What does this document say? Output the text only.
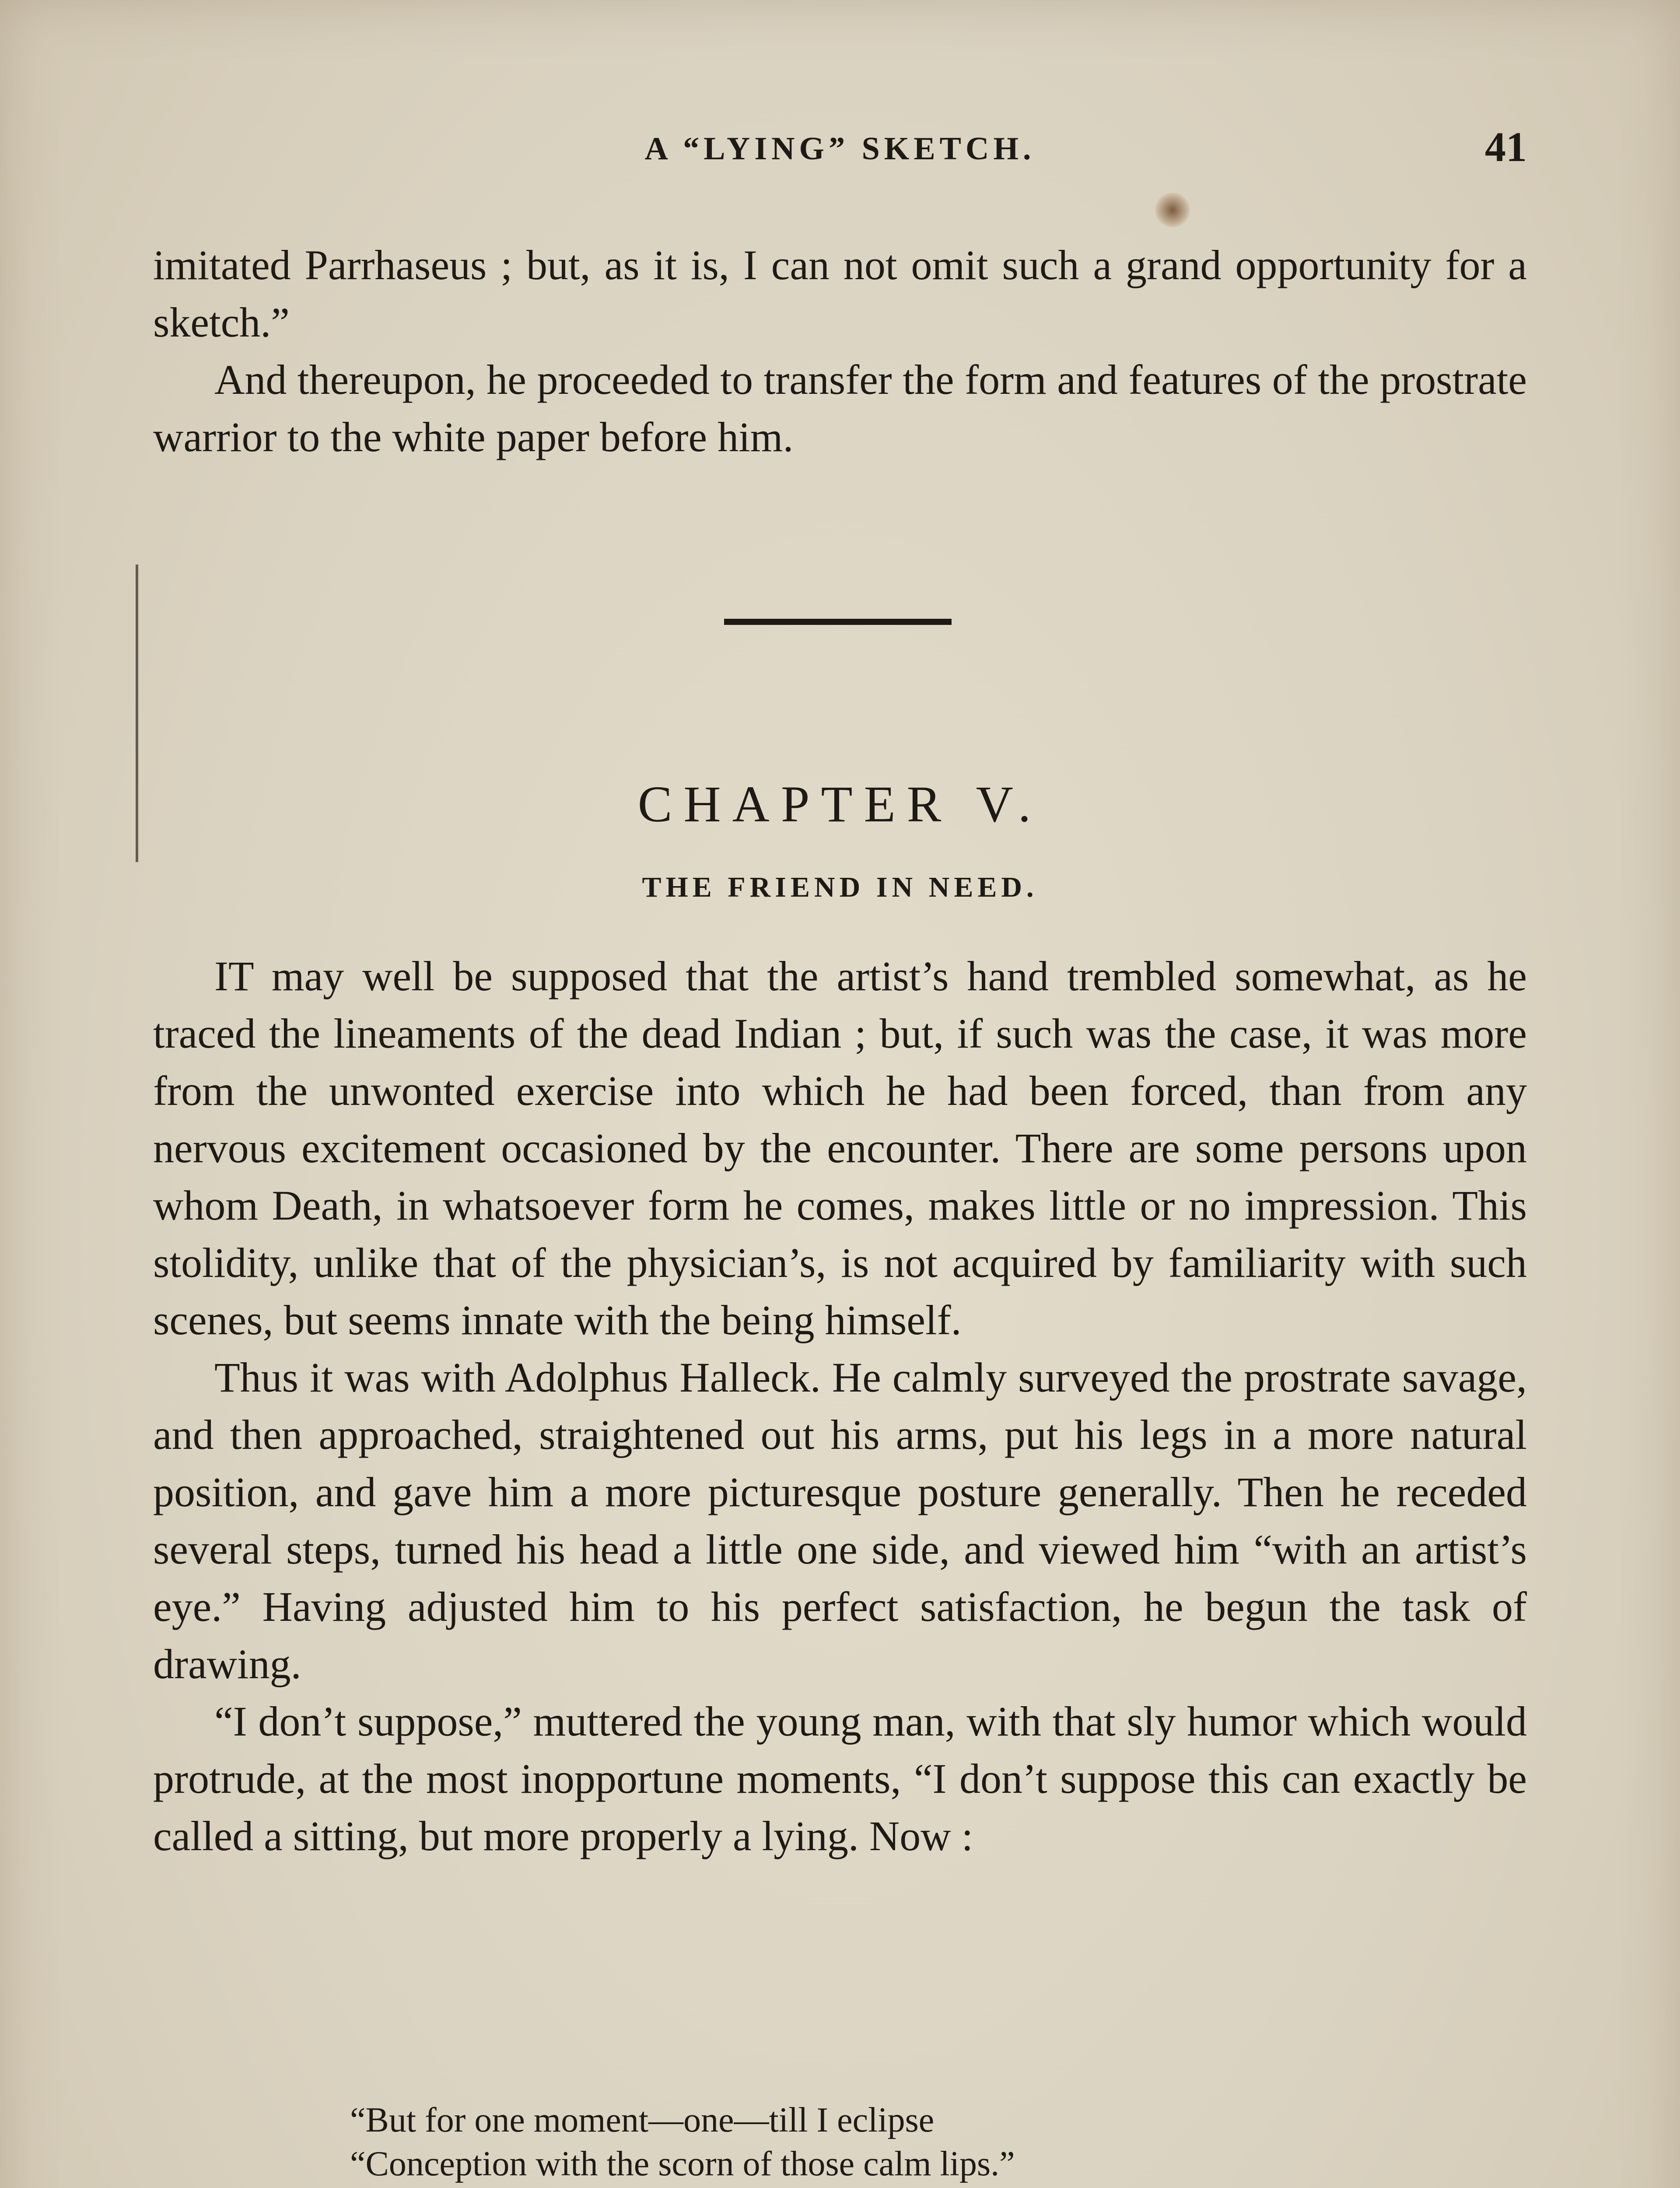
A “LYING” SKETCH.	41

imitated Parrhaseus ; but, as it is, I can not omit such a grand opportunity for a sketch.”

And thereupon, he proceeded to transfer the form and features of the prostrate warrior to the white paper before him.

CHAPTER V.
THE FRIEND IN NEED.

IT may well be supposed that the artist’s hand trembled somewhat, as he traced the lineaments of the dead Indian ; but, if such was the case, it was more from the unwonted exercise into which he had been forced, than from any nervous excitement occasioned by the encounter. There are some persons upon whom Death, in whatsoever form he comes, makes little or no impression. This stolidity, unlike that of the physician’s, is not acquired by familiarity with such scenes, but seems innate with the being himself.

Thus it was with Adolphus Halleck. He calmly surveyed the prostrate savage, and then approached, straightened out his arms, put his legs in a more natural position, and gave him a more picturesque posture generally. Then he receded several steps, turned his head a little one side, and viewed him “with an artist’s eye.” Having adjusted him to his perfect satisfaction, he begun the task of drawing.

“I don’t suppose,” muttered the young man, with that sly humor which would protrude, at the most inopportune moments, “I don’t suppose this can exactly be called a sitting, but more properly a lying. Now :

“But for one moment—one—till I eclipse
“Conception with the scorn of those calm lips.”
